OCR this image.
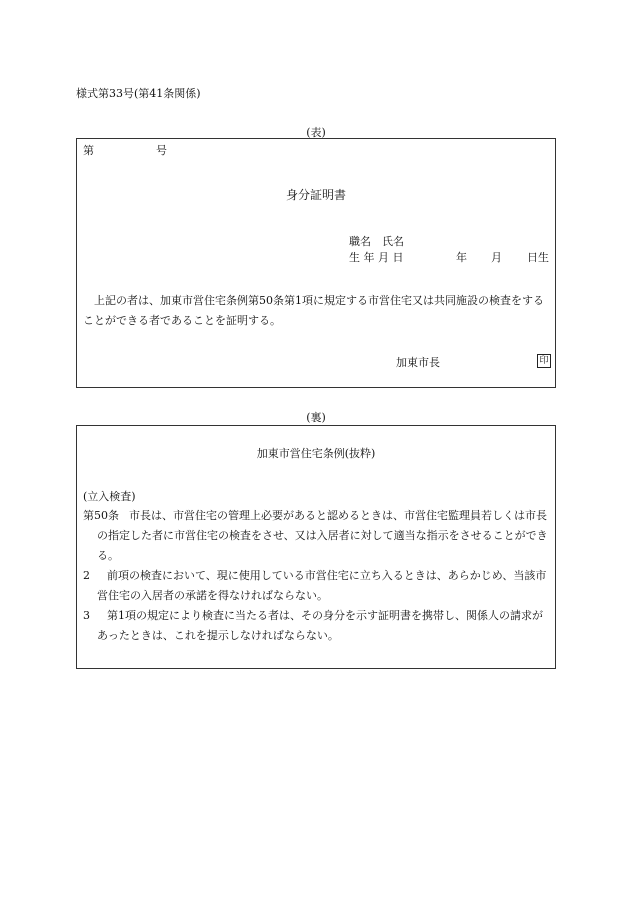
様式第33号(第41条関係)
(表)
第	号
身分証明書
職名　氏名
生 年 月 日	年 月 日生
　上記の者は、加東市営住宅条例第50条第1項に規定する市営住宅又は共同施設の検査をすることができる者であることを証明する。
加東市長	印
(裏)
加東市営住宅条例(抜粋)
(立入検査)
第50条 市長は、市営住宅の管理上必要があると認めるときは、市営住宅監理員若しくは市長の指定した者に市営住宅の検査をさせ、又は入居者に対して適当な指示をさせることができる。
2	前項の検査において、現に使用している市営住宅に立ち入るときは、あらかじめ、当該市営住宅の入居者の承諾を得なければならない。
3	第1項の規定により検査に当たる者は、その身分を示す証明書を携帯し、関係人の請求があったときは、これを提示しなければならない。
